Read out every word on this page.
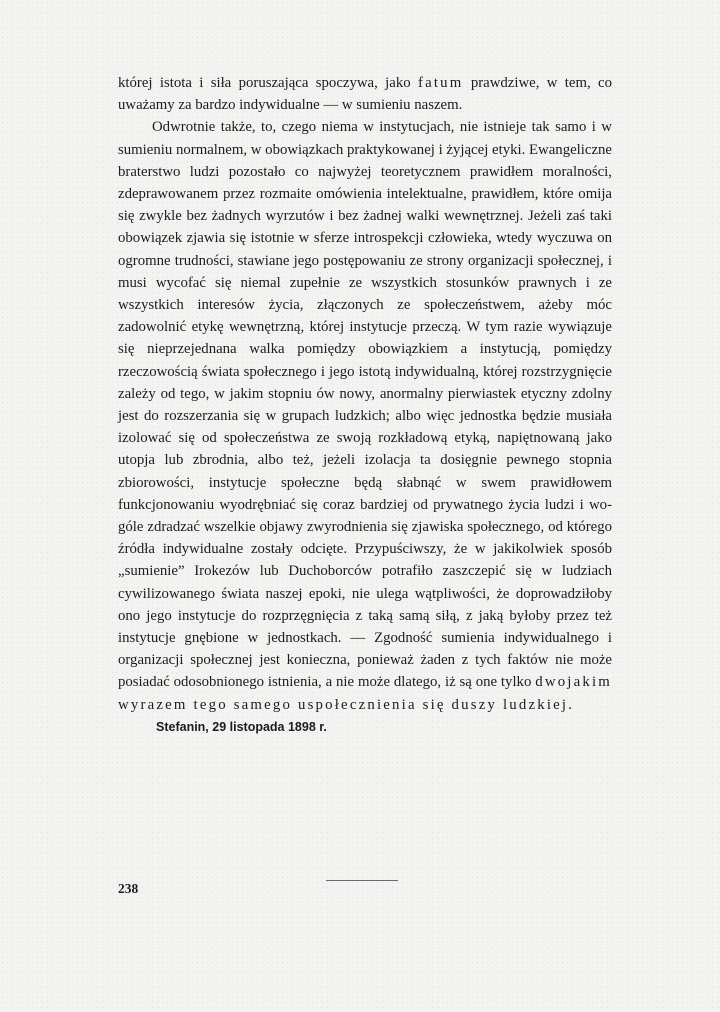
której istota i siła poruszająca spoczywa, jako fatum prawdziwe, w tem, co uważamy za bardzo indywidualne — w sumieniu naszem.

Odwrotnie także, to, czego niema w instytucjach, nie istnieje tak samo i w sumieniu normalnem, w obowiązkach praktykowanej i żyjącej etyki. Ewangeliczne braterstwo ludzi pozostało co najwyżej teoretycznem prawidłem moralności, zdeprawowanem przez rozmaite omówienia intelektualne, prawidłem, które omija się zwykle bez żadnych wyrzutów i bez żadnej walki wewnętrznej. Jeżeli zaś taki obowiązek zjawia się istotnie w sferze introspekcji człowieka, wtedy wyczuwa on ogromne trudności, stawiane jego postępowaniu ze strony organizacji społecznej, i musi wycofać się niemal zupełnie ze wszystkich stosunków prawnych i ze wszystkich interesów życia, złączonych ze społeczeństwem, ażeby móc zadowolnić etykę wewnętrzną, której instytucje przeczą. W tym razie wywiązuje się nieprzejednana walka pomiędzy obowiązkiem a instytucją, pomiędzy rzeczowością świata społecznego i jego istotą indywidualną, której rozstrzygnięcie zależy od tego, w jakim stopniu ów nowy, anormalny pierwiastek etyczny zdolny jest do rozszerzania się w grupach ludzkich; albo więc jednostka będzie musiała izolować się od społeczeństwa ze swoją rozkładową etyką, napiętnowaną jako utopja lub zbrodnia, albo też, jeżeli izolacja ta dosięgnie pewnego stopnia zbiorowości, instytucje społeczne będą słabnąć w swem prawidłowem funkcjonowaniu wyodrębniać się coraz bardziej od prywatnego życia ludzi i wogóle zdradzać wszelkie objawy zwyrodnienia się zjawiska społecznego, od którego źródła indywidualne zostały odcięte. Przypuściwszy, że w jakikolwiek sposób „sumienie” Irokezów lub Duchoborców potrafiło zaszczepić się w ludziach cywilizowanego świata naszej epoki, nie ulega wątpliwości, że doprowadziłoby ono jego instytucje do rozprzęgnięcia z taką samą siłą, z jaką byłoby przez też instytucje gnębione w jednostkach. — Zgodność sumienia indywidualnego i organizacji społecznej jest konieczna, ponieważ żaden z tych faktów nie może posiadać odosobnionego istnienia, a nie może dlatego, iż są one tylko dwojakim wyrazem tego samego uspołecznienia się duszy ludzkiej.

Stefanin, 29 listopada 1898 r.
238
